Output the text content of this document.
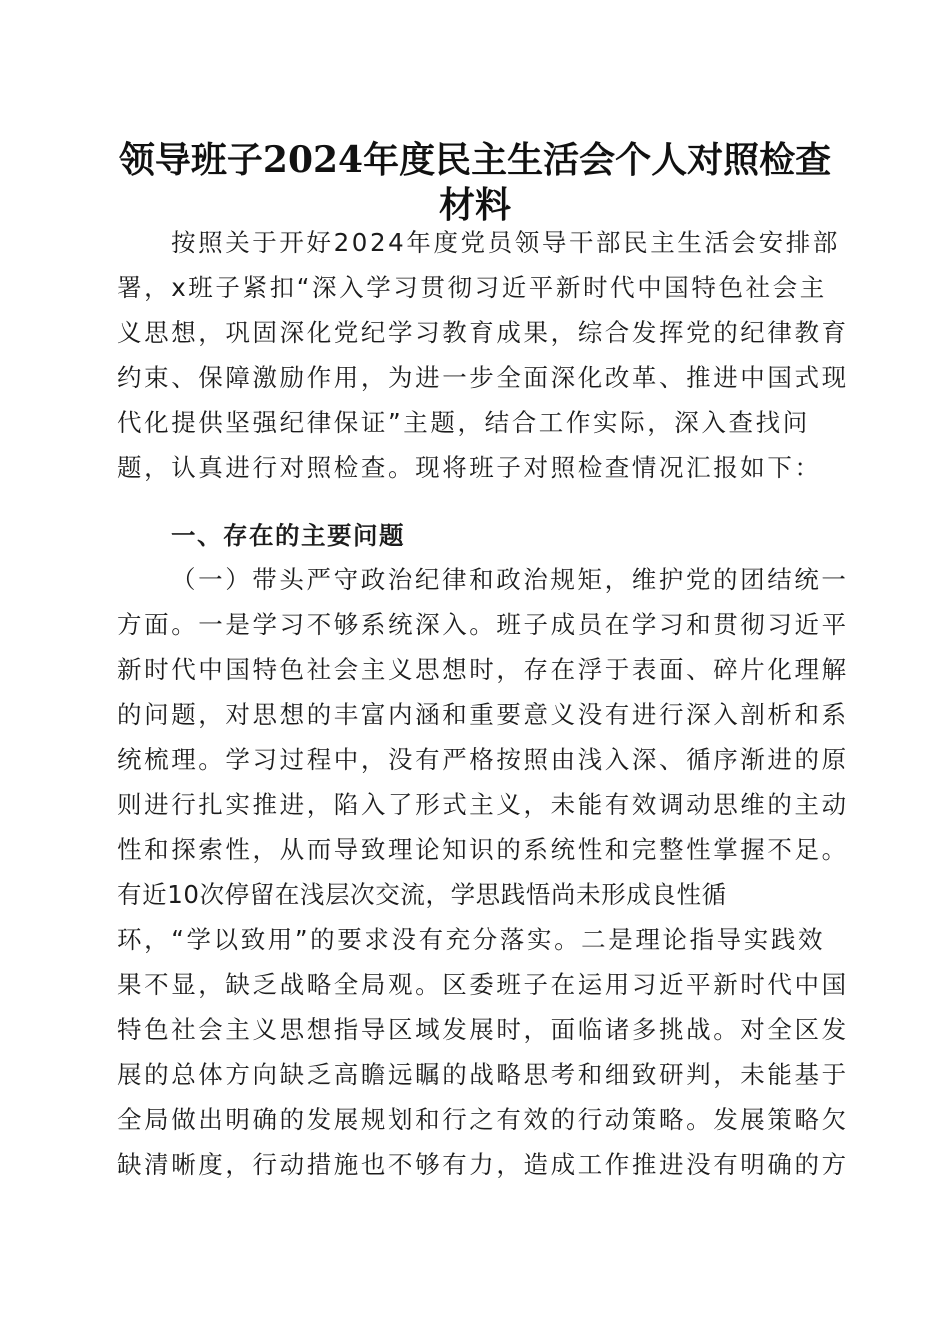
领导班子2024年度民主生活会个人对照检查
材料
按照关于开好2024年度党员领导干部民主生活会安排部
署，x班子紧扣“深入学习贯彻习近平新时代中国特色社会主
义思想，巩固深化党纪学习教育成果，综合发挥党的纪律教育
约束、保障激励作用，为进一步全面深化改革、推进中国式现
代化提供坚强纪律保证”主题，结合工作实际，深入查找问
题，认真进行对照检查。现将班子对照检查情况汇报如下：
一、存在的主要问题
（一）带头严守政治纪律和政治规矩，维护党的团结统一
方面。一是学习不够系统深入。班子成员在学习和贯彻习近平
新时代中国特色社会主义思想时，存在浮于表面、碎片化理解
的问题，对思想的丰富内涵和重要意义没有进行深入剖析和系
统梳理。学习过程中，没有严格按照由浅入深、循序渐进的原
则进行扎实推进，陷入了形式主义，未能有效调动思维的主动
性和探索性，从而导致理论知识的系统性和完整性掌握不足。
有近10次停留在浅层次交流，学思践悟尚未形成良性循
环，“学以致用”的要求没有充分落实。二是理论指导实践效
果不显，缺乏战略全局观。区委班子在运用习近平新时代中国
特色社会主义思想指导区域发展时，面临诸多挑战。对全区发
展的总体方向缺乏高瞻远瞩的战略思考和细致研判，未能基于
全局做出明确的发展规划和行之有效的行动策略。发展策略欠
缺清晰度，行动措施也不够有力，造成工作推进没有明确的方
